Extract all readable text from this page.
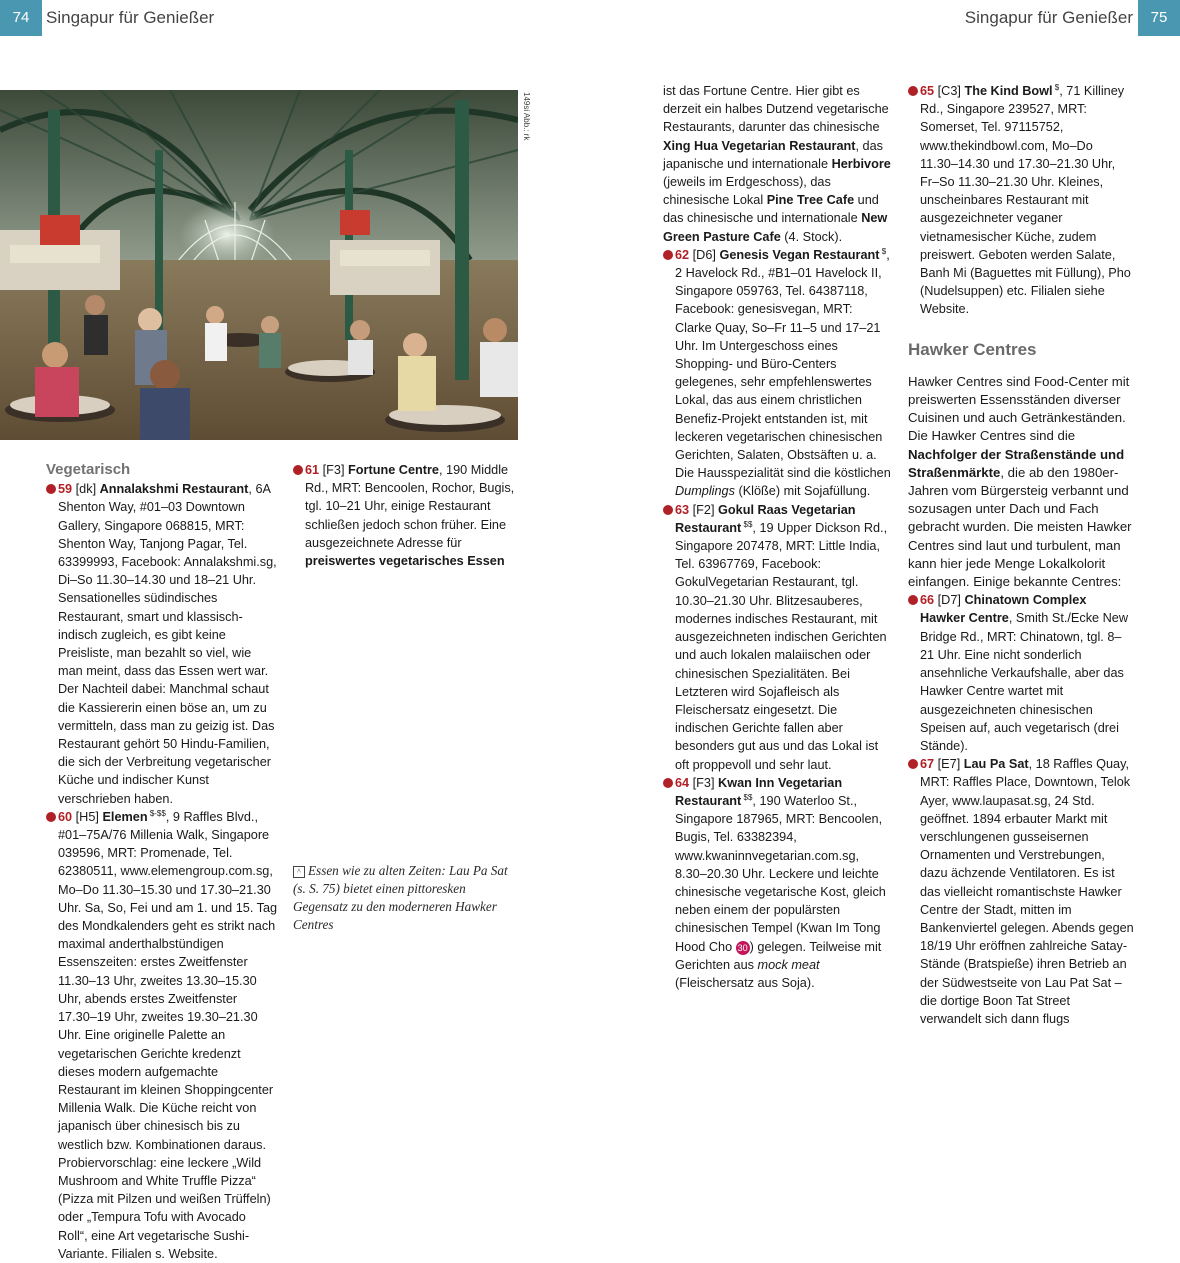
74 Singapur für Genießer	Singapur für Genießer	75
149si Abb.: rk
Vegetarisch

59 [dk] Annalakshmi Restaurant, 6A Shenton Way, #01–03 Downtown Gallery, Singapore 068815, MRT: Shenton Way, Tanjong Pagar, Tel. 63399993, Facebook: Annalakshmi.sg, Di–So 11.30–14.30 und 18–21 Uhr. Sensationelles südindisches Restaurant, smart und klassisch-indisch zugleich, es gibt keine Preisliste, man bezahlt so viel, wie man meint, dass das Essen wert war. Der Nachteil dabei: Manchmal schaut die Kassiererin einen böse an, um zu vermitteln, dass man zu geizig ist. Das Restaurant gehört 50 Hindu-Familien, die sich der Verbreitung vegetarischer Küche und indischer Kunst verschrieben haben.

60 [H5] Elemen $-$$, 9 Raffles Blvd., #01–75A/76 Millenia Walk, Singapore 039596, MRT: Promenade, Tel. 62380511, www.elemengroup.com.sg, Mo–Do 11.30–15.30 und 17.30–21.30 Uhr. Sa, So, Fei und am 1. und 15. Tag des Mondkalenders geht es strikt nach maximal anderthalbstündigen Essenszeiten: erstes Zweitfenster 11.30–13 Uhr, zweites 13.30–15.30 Uhr, abends erstes Zweitfenster 17.30–19 Uhr, zweites 19.30–21.30 Uhr. Eine originelle Palette an vegetarischen Gerichte kredenzt dieses modern aufgemachte Restaurant im kleinen Shoppingcenter Millenia Walk. Die Küche reicht von japanisch über chinesisch bis zu westlich bzw. Kombinationen daraus. Probiervorschlag: eine leckere „Wild Mushroom and White Truffle Pizza“ (Pizza mit Pilzen und weißen Trüffeln) oder „Tempura Tofu with Avocado Roll“, eine Art vegetarische Sushi-Variante. Filialen s. Website.

61 [F3] Fortune Centre, 190 Middle Rd., MRT: Bencoolen, Rochor, Bugis, tgl. 10–21 Uhr, einige Restaurant schließen jedoch schon früher. Eine ausgezeichnete Adresse für preiswertes vegetarisches Essen

^ Essen wie zu alten Zeiten: Lau Pa Sat (s. S. 75) bietet einen pittoresken Gegensatz zu den moderneren Hawker Centres

ist das Fortune Centre. Hier gibt es derzeit ein halbes Dutzend vegetarische Restaurants, darunter das chinesische Xing Hua Vegetarian Restaurant, das japanische und internationale Herbivore (jeweils im Erdgeschoss), das chinesische Lokal Pine Tree Cafe und das chinesische und internationale New Green Pasture Cafe (4. Stock).

62 [D6] Genesis Vegan Restaurant $, 2 Havelock Rd., #B1–01 Havelock II, Singapore 059763, Tel. 64387118, Facebook: genesisvegan, MRT: Clarke Quay, So–Fr 11–5 und 17–21 Uhr. Im Untergeschoss eines Shopping- und Büro-Centers gelegenes, sehr empfehlenswertes Lokal, das aus einem christlichen Benefiz-Projekt entstanden ist, mit leckeren vegetarischen chinesischen Gerichten, Salaten, Obstsäften u. a. Die Hausspezialität sind die köstlichen Dumplings (Klöße) mit Sojafüllung.

63 [F2] Gokul Raas Vegetarian Restaurant $$, 19 Upper Dickson Rd., Singapore 207478, MRT: Little India, Tel. 63967769, Facebook: GokulVegetarian Restaurant, tgl. 10.30–21.30 Uhr. Blitzesauberes, modernes indisches Restaurant, mit ausgezeichneten indischen Gerichten und auch lokalen malaiischen oder chinesischen Spezialitäten. Bei Letzteren wird Sojafleisch als Fleischersatz eingesetzt. Die indischen Gerichte fallen aber besonders gut aus und das Lokal ist oft proppevoll und sehr laut.

64 [F3] Kwan Inn Vegetarian Restaurant $$, 190 Waterloo St., Singapore 187965, MRT: Bencoolen, Bugis, Tel. 63382394, www.kwaninnvegetarian.com.sg, 8.30–20.30 Uhr. Leckere und leichte chinesische vegetarische Kost, gleich neben einem der populärsten chinesischen Tempel (Kwan Im Tong Hood Cho 30 ) gelegen. Teilweise mit Gerichten aus mock meat (Fleischersatz aus Soja).

65 [C3] The Kind Bowl $, 71 Killiney Rd., Singapore 239527, MRT: Somerset, Tel. 97115752, www.thekindbowl.com, Mo–Do 11.30–14.30 und 17.30–21.30 Uhr, Fr–So 11.30–21.30 Uhr. Kleines, unscheinbares Restaurant mit ausgezeichneter veganer vietnamesischer Küche, zudem preiswert. Geboten werden Salate, Banh Mi (Baguettes mit Füllung), Pho (Nudelsuppen) etc. Filialen siehe Website.

Hawker Centres

Hawker Centres sind Food-Center mit preiswerten Essensständen diverser Cuisinen und auch Getränkeständen. Die Hawker Centres sind die Nachfolger der Straßenstände und Straßenmärkte, die ab den 1980er-Jahren vom Bürgersteig verbannt und sozusagen unter Dach und Fach gebracht wurden. Die meisten Hawker Centres sind laut und turbulent, man kann hier jede Menge Lokalkolorit einfangen. Einige bekannte Centres:

66 [D7] Chinatown Complex Hawker Centre, Smith St./Ecke New Bridge Rd., MRT: Chinatown, tgl. 8–21 Uhr. Eine nicht sonderlich ansehnliche Verkaufshalle, aber das Hawker Centre wartet mit ausgezeichneten chinesischen Speisen auf, auch vegetarisch (drei Stände).

67 [E7] Lau Pa Sat, 18 Raffles Quay, MRT: Raffles Place, Downtown, Telok Ayer, www.laupasat.sg, 24 Std. geöffnet. 1894 erbauter Markt mit verschlungenen gusseisernen Ornamenten und Verstrebungen, dazu ächzende Ventilatoren. Es ist das vielleicht romantischste Hawker Centre der Stadt, mitten im Bankenviertel gelegen. Abends gegen 18/19 Uhr eröffnen zahlreiche Satay-Stände (Bratspieße) ihren Betrieb an der Südwestseite von Lau Pat Sat – die dortige Boon Tat Street verwandelt sich dann flugs
